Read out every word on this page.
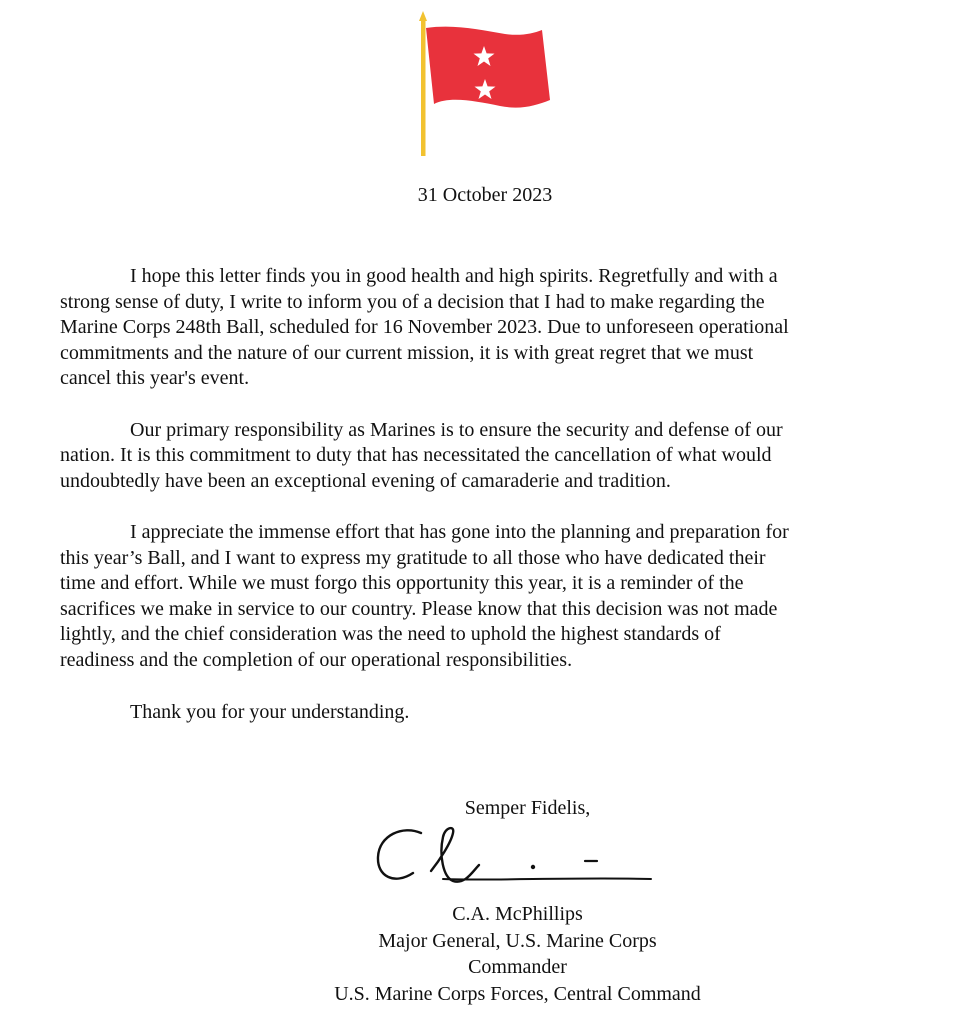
31 October 2023

I hope this letter finds you in good health and high spirits. Regretfully and with a
strong sense of duty, I write to inform you of a decision that I had to make regarding the
Marine Corps 248th Ball, scheduled for 16 November 2023. Due to unforeseen operational
commitments and the nature of our current mission, it is with great regret that we must
cancel this year's event.

Our primary responsibility as Marines is to ensure the security and defense of our
nation. It is this commitment to duty that has necessitated the cancellation of what would
undoubtedly have been an exceptional evening of camaraderie and tradition.

I appreciate the immense effort that has gone into the planning and preparation for
this year’s Ball, and I want to express my gratitude to all those who have dedicated their
time and effort. While we must forgo this opportunity this year, it is a reminder of the
sacrifices we make in service to our country. Please know that this decision was not made
lightly, and the chief consideration was the need to uphold the highest standards of
readiness and the completion of our operational responsibilities.

Thank you for your understanding.

Semper Fidelis,

C.A. McPhillips

Major General, U.S. Marine Corps

Commander

U.S. Marine Corps Forces, Central Command
